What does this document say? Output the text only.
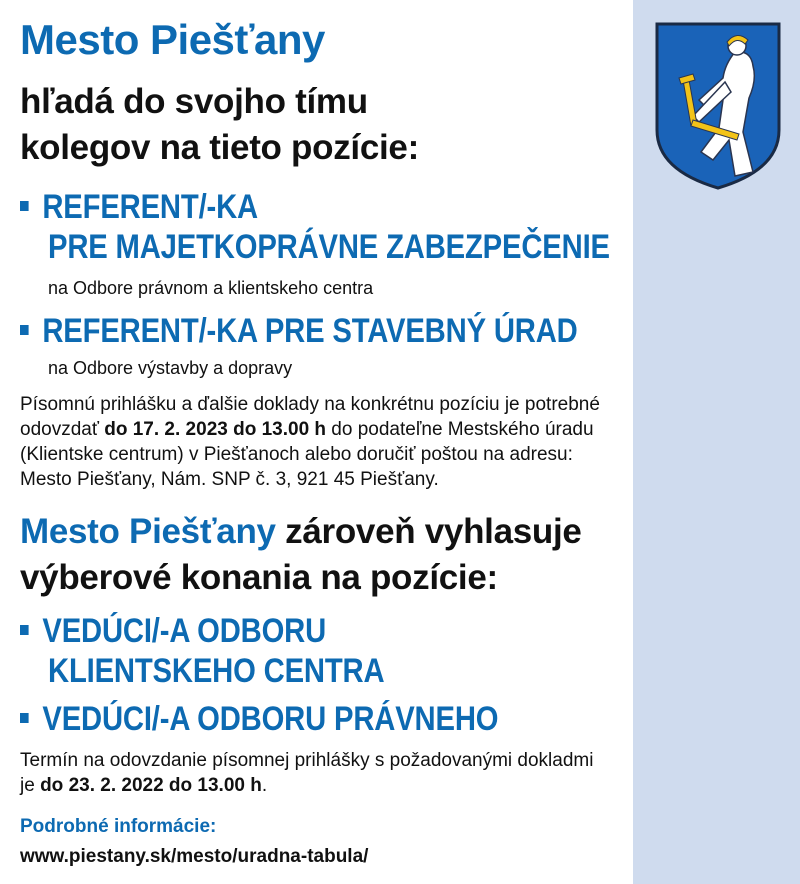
Mesto Piešťany
hľadá do svojho tímu
kolegov na tieto pozície:
REFERENT/-KA
PRE MAJETKOPRÁVNE ZABEZPEČENIE
na Odbore právnom a klientskeho centra
REFERENT/-KA PRE STAVEBNÝ ÚRAD
na Odbore výstavby a dopravy
Písomnú prihlášku a ďalšie doklady na konkrétnu pozíciu je potrebné
odovzdať do 17. 2. 2023 do 13.00 h do podateľne Mestského úradu
(Klientske centrum) v Piešťanoch alebo doručiť poštou na adresu:
Mesto Piešťany, Nám. SNP č. 3, 921 45 Piešťany.
Mesto Piešťany zároveň vyhlasuje
výberové konania na pozície:
VEDÚCI/-A ODBORU
KLIENTSKEHO CENTRA
VEDÚCI/-A ODBORU PRÁVNEHO
Termín na odovzdanie písomnej prihlášky s požadovanými dokladmi
je do 23. 2. 2022 do 13.00 h.
Podrobné informácie:
www.piestany.sk/mesto/uradna-tabula/
